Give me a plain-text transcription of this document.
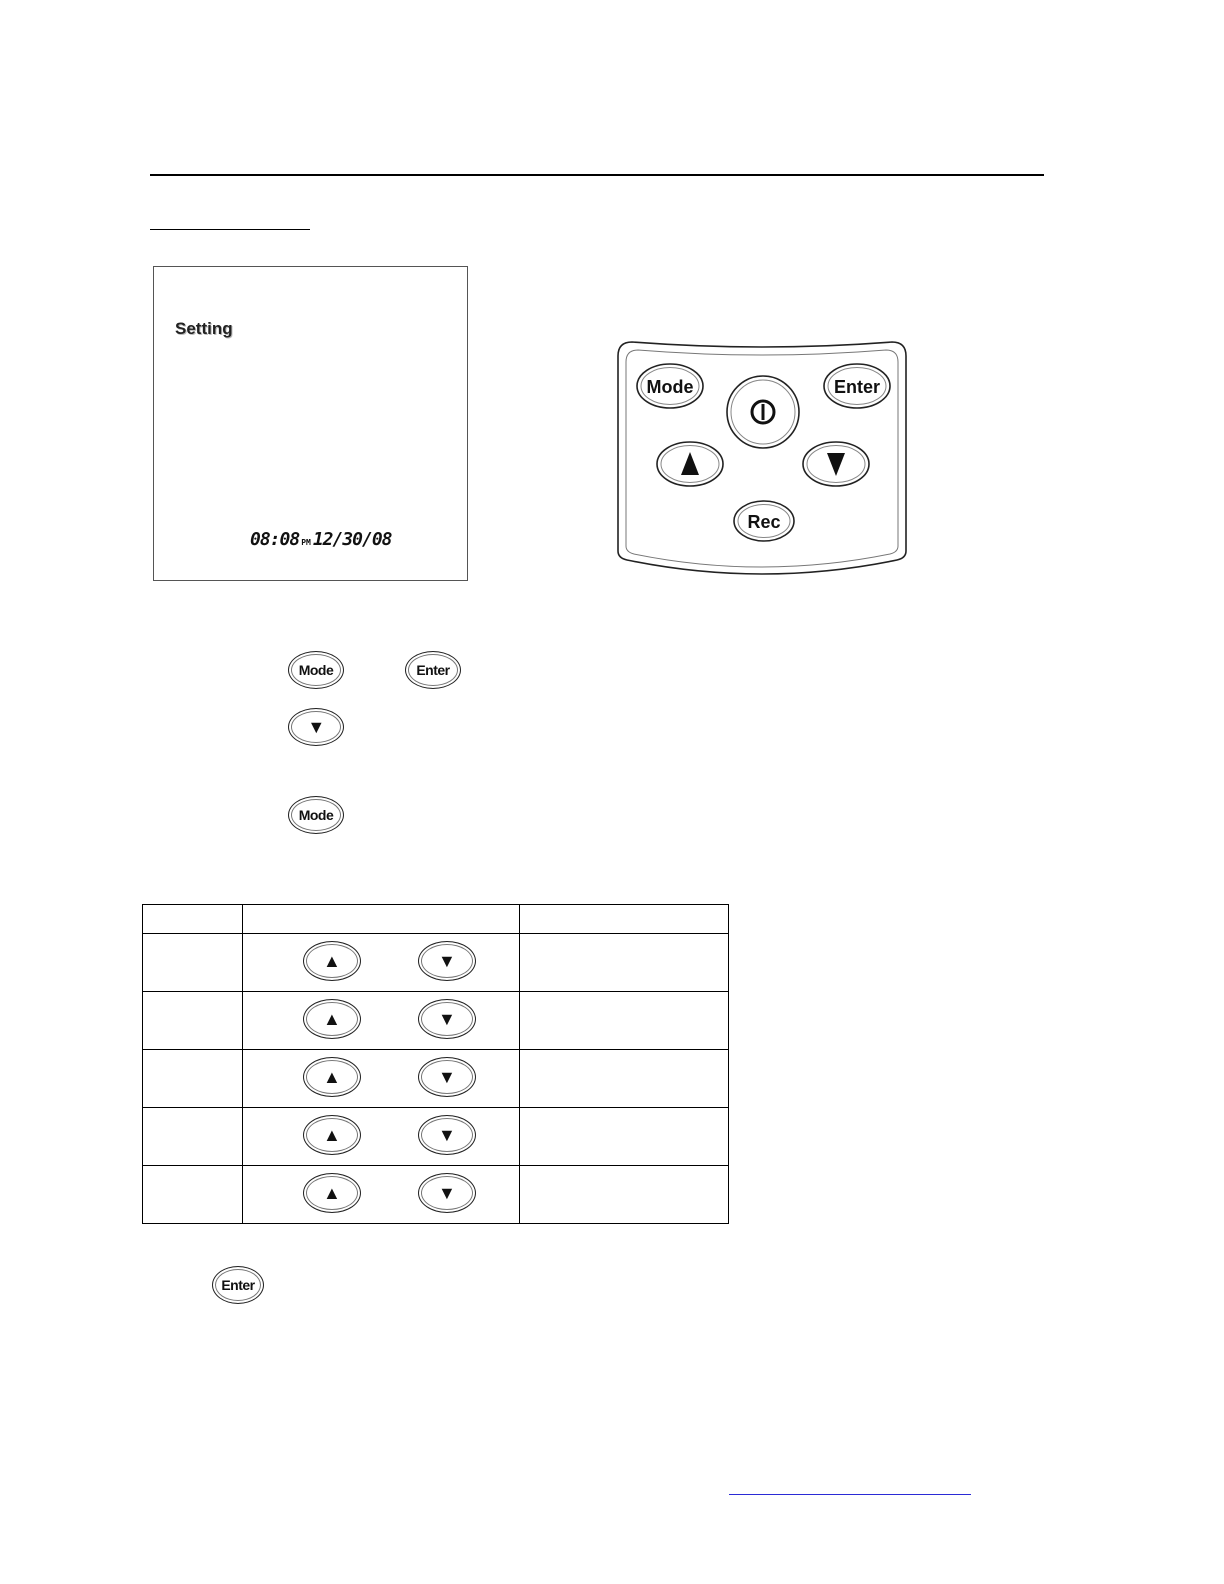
Setting
08:08 PM 12/30/08
Mode	Enter
Rec
Mode	Enter
▼
Mode

	▲ ▼	

	▲ ▼	

	▲ ▼	

	▲ ▼	

	▲ ▼	

Enter
